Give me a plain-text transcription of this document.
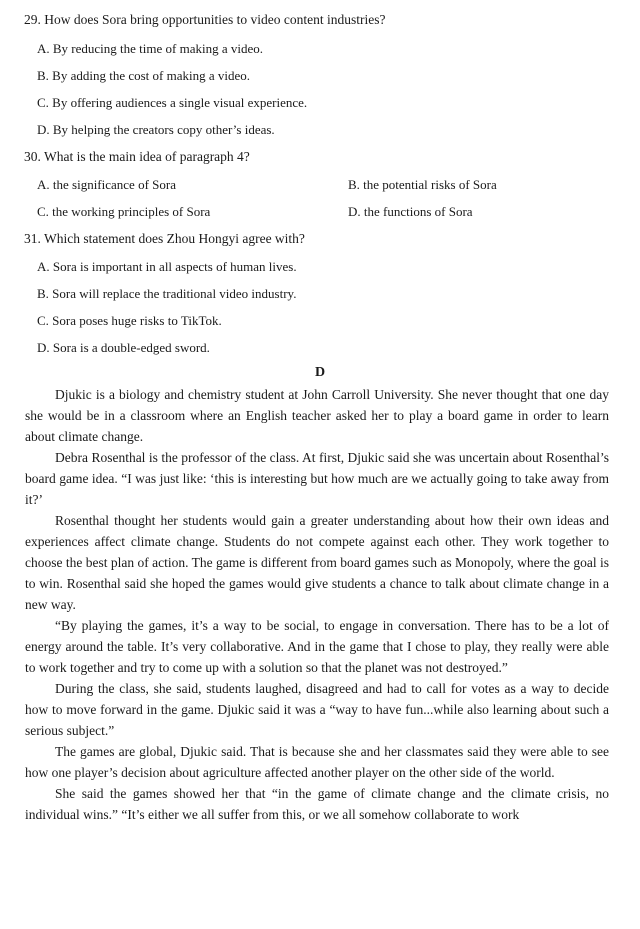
29. How does Sora bring opportunities to video content industries?
A. By reducing the time of making a video.
B. By adding the cost of making a video.
C. By offering audiences a single visual experience.
D. By helping the creators copy other’s ideas.
30. What is the main idea of paragraph 4?
A. the significance of Sora	B. the potential risks of Sora
C. the working principles of Sora	D. the functions of Sora
31. Which statement does Zhou Hongyi agree with?
A. Sora is important in all aspects of human lives.
B. Sora will replace the traditional video industry.
C. Sora poses huge risks to TikTok.
D. Sora is a double-edged sword.
D

Djukic is a biology and chemistry student at John Carroll University. She never thought that one day she would be in a classroom where an English teacher asked her to play a board game in order to learn about climate change.

Debra Rosenthal is the professor of the class. At first, Djukic said she was uncertain about Rosenthal’s board game idea. “I was just like: ‘this is interesting but how much are we actually going to take away from it?’

Rosenthal thought her students would gain a greater understanding about how their own ideas and experiences affect climate change. Students do not compete against each other. They work together to choose the best plan of action. The game is different from board games such as Monopoly, where the goal is to win. Rosenthal said she hoped the games would give students a chance to talk about climate change in a new way.

“By playing the games, it’s a way to be social, to engage in conversation. There has to be a lot of energy around the table. It’s very collaborative. And in the game that I chose to play, they really were able to work together and try to come up with a solution so that the planet was not destroyed.”

During the class, she said, students laughed, disagreed and had to call for votes as a way to decide how to move forward in the game. Djukic said it was a “way to have fun...while also learning about such a serious subject.”

The games are global, Djukic said. That is because she and her classmates said they were able to see how one player’s decision about agriculture affected another player on the other side of the world.

She said the games showed her that “in the game of climate change and the climate crisis, no individual wins.” “It’s either we all suffer from this, or we all somehow collaborate to work
